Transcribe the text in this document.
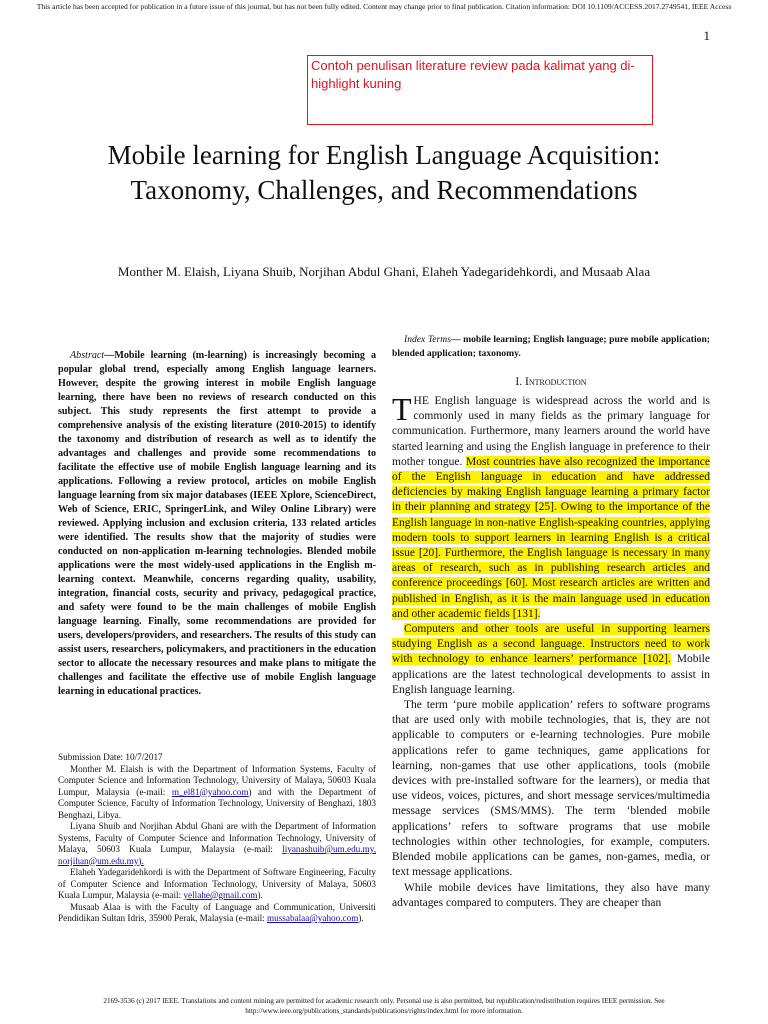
This article has been accepted for publication in a future issue of this journal, but has not been fully edited. Content may change prior to final publication. Citation information: DOI 10.1109/ACCESS.2017.2749541, IEEE Access
1
Contoh penulisan literature review pada kalimat yang di-highlight kuning
Mobile learning for English Language Acquisition: Taxonomy, Challenges, and Recommendations
Monther M. Elaish, Liyana Shuib, Norjihan Abdul Ghani, Elaheh Yadegaridehkordi, and Musaab Alaa
Abstract—Mobile learning (m-learning) is increasingly becoming a popular global trend, especially among English language learners. However, despite the growing interest in mobile English language learning, there have been no reviews of research conducted on this subject. This study represents the first attempt to provide a comprehensive analysis of the existing literature (2010-2015) to identify the taxonomy and distribution of research as well as to identify the advantages and challenges and provide some recommendations to facilitate the effective use of mobile English language learning and its applications. Following a review protocol, articles on mobile English language learning from six major databases (IEEE Xplore, ScienceDirect, Web of Science, ERIC, SpringerLink, and Wiley Online Library) were reviewed. Applying inclusion and exclusion criteria, 133 related articles were identified. The results show that the majority of studies were conducted on non-application m-learning technologies. Blended mobile applications were the most widely-used applications in the English m-learning context. Meanwhile, concerns regarding quality, usability, integration, financial costs, security and privacy, pedagogical practice, and safety were found to be the main challenges of mobile English language learning. Finally, some recommendations are provided for users, developers/providers, and researchers. The results of this study can assist users, researchers, policymakers, and practitioners in the education sector to allocate the necessary resources and make plans to mitigate the challenges and facilitate the effective use of mobile English language learning in educational practices.

Submission Date: 10/7/2017

Monther M. Elaish is with the Department of Information Systems, Faculty of Computer Science and Information Technology, University of Malaya, 50603 Kuala Lumpur, Malaysia (e-mail: m_el81@yahoo.com) and with the Department of Computer Science, Faculty of Information Technology, University of Benghazi, 1803 Benghazi, Libya.

Liyana Shuib and Norjihan Abdul Ghani are with the Department of Information Systems, Faculty of Computer Science and Information Technology, University of Malaya, 50603 Kuala Lumpur, Malaysia (e-mail: liyanashuib@um.edu.my, norjihan@um.edu.my).

Elaheh Yadegaridehkordi is with the Department of Software Engineering, Faculty of Computer Science and Information Technology, University of Malaya, 50603 Kuala Lumpur, Malaysia (e-mail: yellahe@gmail.com).

Musaab Alaa is with the Faculty of Language and Communication, Universiti Pendidikan Sultan Idris, 35900 Perak, Malaysia (e-mail: mussabalaa@yahoo.com).

Index Terms— mobile learning; English language; pure mobile application; blended application; taxonomy.
I. Introduction

THE English language is widespread across the world and is commonly used in many fields as the primary language for communication. Furthermore, many learners around the world have started learning and using the English language in preference to their mother tongue. Most countries have also recognized the importance of the English language in education and have addressed deficiencies by making English language learning a primary factor in their planning and strategy [25]. Owing to the importance of the English language in non-native English-speaking countries, applying modern tools to support learners in learning English is a critical issue [20]. Furthermore, the English language is necessary in many areas of research, such as in publishing research articles and conference proceedings [60]. Most research articles are written and published in English, as it is the main language used in education and other academic fields [131].

Computers and other tools are useful in supporting learners studying English as a second language. Instructors need to work with technology to enhance learners’ performance [102]. Mobile applications are the latest technological developments to assist in English language learning.

The term ‘pure mobile application’ refers to software programs that are used only with mobile technologies, that is, they are not applicable to computers or e-learning technologies. Pure mobile applications refer to game techniques, game applications for learning, non-games that use other applications, tools (mobile devices with pre-installed software for the learners), or media that use videos, voices, pictures, and short message services/multimedia message services (SMS/MMS). The term ‘blended mobile applications’ refers to software programs that use mobile technologies within other technologies, for example, computers. Blended mobile applications can be games, non-games, media, or text message applications.

While mobile devices have limitations, they also have many advantages compared to computers. They are cheaper than

2169-3536 (c) 2017 IEEE. Translations and content mining are permitted for academic research only. Personal use is also permitted, but republication/redistribution requires IEEE permission. See http://www.ieee.org/publications_standards/publications/rights/index.html for more information.
